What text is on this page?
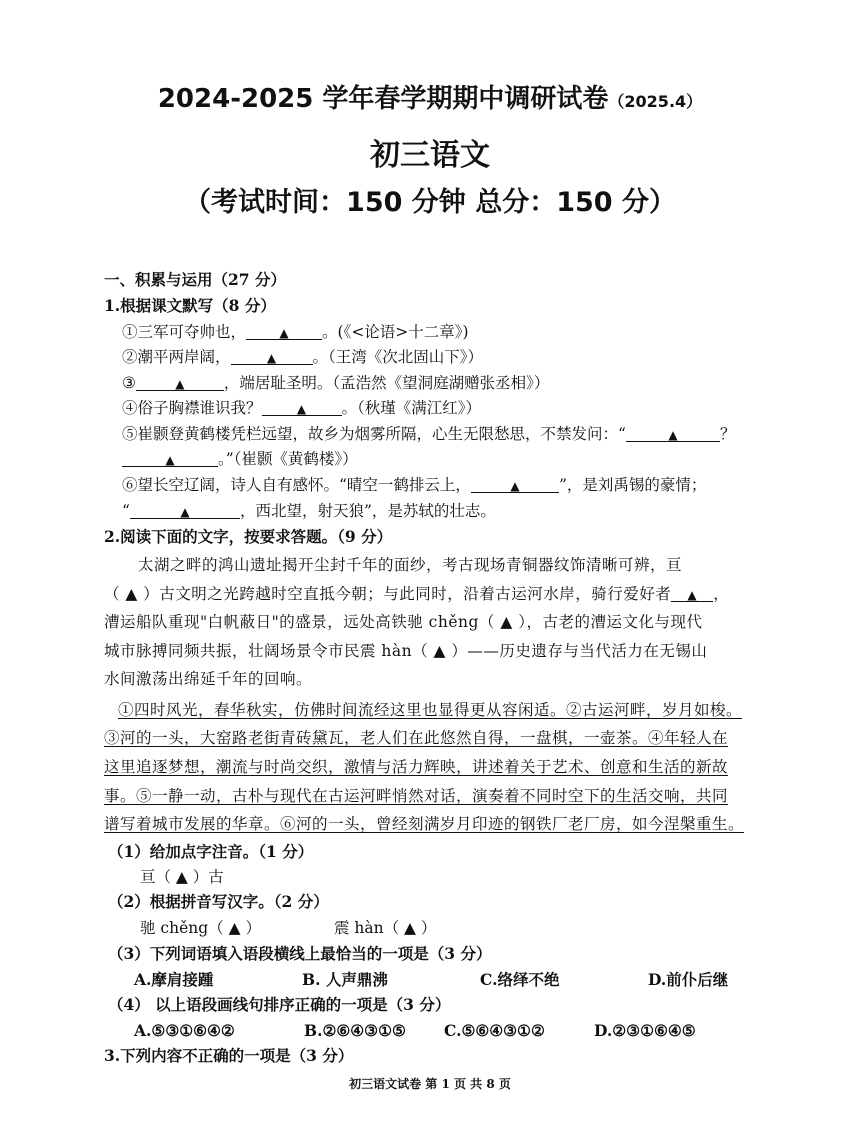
2024-2025 学年春学期期中调研试卷（2025.4）
初三语文
（考试时间：150 分钟 总分：150 分）
一、积累与运用（27 分）
1.根据课文默写（8 分）
①三军可夺帅也，	▲ 。(《<论语>十二章》)
②潮平两岸阔，	▲ 。（王湾《次北固山下》）
③	▲	，端居耻圣明。（孟浩然《望洞庭湖赠张丞相》）
④俗子胸襟谁识我？	▲ 。（秋瑾《满江红》）
⑤崔颢登黄鹤楼凭栏远望，故乡为烟雾所隔，心生无限愁思，不禁发问：“	▲	？
▲	。”（崔颢《黄鹤楼》）
⑥望长空辽阔，诗人自有感怀。“晴空一鹤排云上，	▲	”，是刘禹锡的豪情；
“	▲	，西北望，射天狼”，是苏轼的壮志。
2.阅读下面的文字，按要求答题。（9 分）
太湖之畔的鸿山遗址揭开尘封千年的面纱，考古现场青铜器纹饰清晰可辨，亘
（ ▲ ）古文明之光跨越时空直抵今朝；与此同时，沿着古运河水岸，骑行爱好者 ▲ ，
漕运船队重现"白帆蔽日"的盛景，远处高铁驰 chěng（ ▲ ），古老的漕运文化与现代
城市脉搏同频共振，壮阔场景令市民震 hàn（ ▲ ）——历史遗存与当代活力在无锡山
水间激荡出绵延千年的回响。
①四时风光，春华秋实，仿佛时间流经这里也显得更从容闲适。②古运河畔，岁月如梭。
③河的一头，大窑路老街青砖黛瓦，老人们在此悠然自得，一盘棋，一壶茶。④年轻人在
这里追逐梦想，潮流与时尚交织，激情与活力辉映，讲述着关于艺术、创意和生活的新故
事。⑤一静一动，古朴与现代在古运河畔悄然对话，演奏着不同时空下的生活交响，共同
谱写着城市发展的华章。⑥河的一头，曾经刻满岁月印迹的钢铁厂老厂房，如今涅槃重生。
（1）给加点字注音。（1 分）
亘（ ▲ ）古
（2）根据拼音写汉字。（2 分）
驰 chěng（ ▲ ）	震 hàn（ ▲ ）
（3）下列词语填入语段横线上最恰当的一项是（3 分）
A.摩肩接踵	B. 人声鼎沸	C.络绎不绝	D.前仆后继
（4） 以上语段画线句排序正确的一项是（3 分）
A.⑤③①⑥④②	B.②⑥④③①⑤ C.⑤⑥④③①②	D.②③①⑥④⑤
3.下列内容不正确的一项是（3 分）
初三语文试卷 第 1 页 共 8 页
